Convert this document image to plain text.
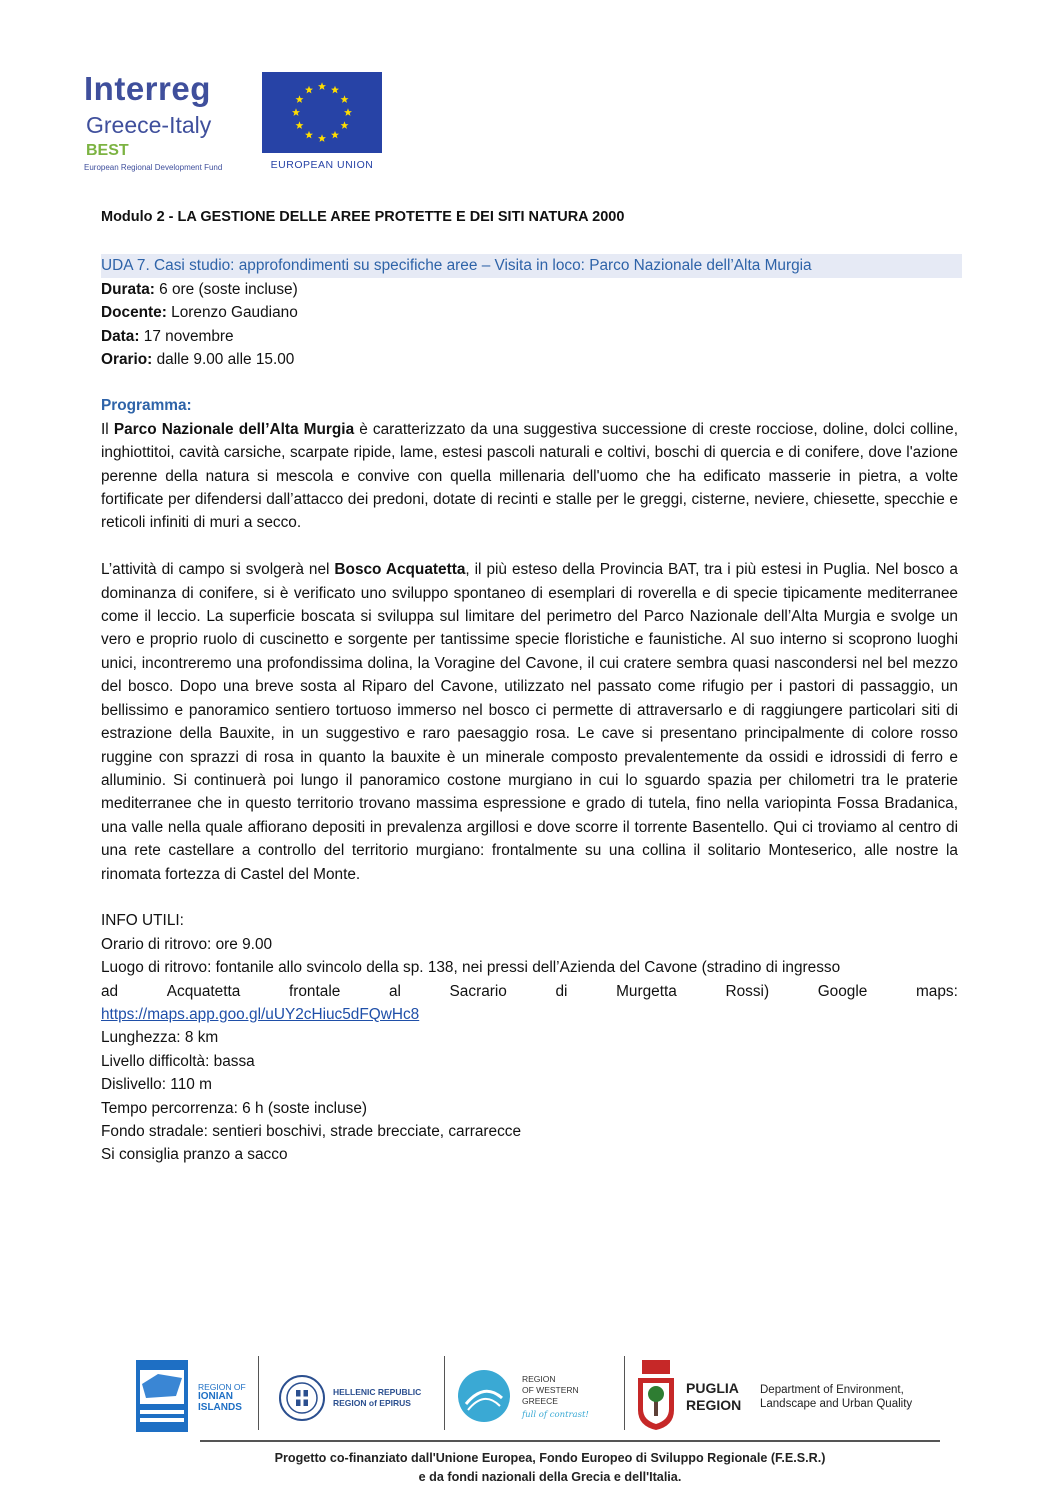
Interreg
Greece-Italy
BEST
European Regional Development Fund	EUROPEAN UNION
Modulo 2 - LA GESTIONE DELLE AREE PROTETTE E DEI SITI NATURA 2000
UDA 7. Casi studio: approfondimenti su specifiche aree – Visita in loco: Parco Nazionale dell’Alta Murgia
Durata: 6 ore (soste incluse)
Docente: Lorenzo Gaudiano
Data: 17 novembre
Orario: dalle 9.00 alle 15.00
Programma:

Il Parco Nazionale dell’Alta Murgia è caratterizzato da una suggestiva successione di creste rocciose, doline, dolci colline, inghiottitoi, cavità carsiche, scarpate ripide, lame, estesi pascoli naturali e coltivi, boschi di quercia e di conifere, dove l'azione perenne della natura si mescola e convive con quella millenaria dell'uomo che ha edificato masserie in pietra, a volte fortificate per difendersi dall’attacco dei predoni, dotate di recinti e stalle per le greggi, cisterne, neviere, chiesette, specchie e reticoli infiniti di muri a secco.

L’attività di campo si svolgerà nel Bosco Acquatetta, il più esteso della Provincia BAT, tra i più estesi in Puglia. Nel bosco a dominanza di conifere, si è verificato uno sviluppo spontaneo di esemplari di roverella e di specie tipicamente mediterranee come il leccio. La superficie boscata si sviluppa sul limitare del perimetro del Parco Nazionale dell’Alta Murgia e svolge un vero e proprio ruolo di cuscinetto e sorgente per tantissime specie floristiche e faunistiche. Al suo interno si scoprono luoghi unici, incontreremo una profondissima dolina, la Voragine del Cavone, il cui cratere sembra quasi nascondersi nel bel mezzo del bosco. Dopo una breve sosta al Riparo del Cavone, utilizzato nel passato come rifugio per i pastori di passaggio, un bellissimo e panoramico sentiero tortuoso immerso nel bosco ci permette di attraversarlo e di raggiungere particolari siti di estrazione della Bauxite, in un suggestivo e raro paesaggio rosa. Le cave si presentano principalmente di colore rosso ruggine con sprazzi di rosa in quanto la bauxite è un minerale composto prevalentemente da ossidi e idrossidi di ferro e alluminio. Si continuerà poi lungo il panoramico costone murgiano in cui lo sguardo spazia per chilometri tra le praterie mediterranee che in questo territorio trovano massima espressione e grado di tutela, fino nella variopinta Fossa Bradanica, una valle nella quale affiorano depositi in prevalenza argillosi e dove scorre il torrente Basentello. Qui ci troviamo al centro di una rete castellare a controllo del territorio murgiano: frontalmente su una collina il solitario Monteserico, alle nostre la rinomata fortezza di Castel del Monte.

INFO UTILI:
Orario di ritrovo: ore 9.00
Luogo di ritrovo: fontanile allo svincolo della sp. 138, nei pressi dell’Azienda del Cavone (stradino di ingresso
ad	Acquatetta	frontale	al	Sacrario	di	Murgetta	Rossi)	Google	maps:
https://maps.app.goo.gl/uUY2cHiuc5dFQwHc8
Lunghezza: 8 km
Livello difficoltà: bassa
Dislivello: 110 m
Tempo percorrenza: 6 h (soste incluse)
Fondo stradale: sentieri boschivi, strade brecciate, carrarecce
Si consiglia pranzo a sacco
REGION OF
IONIAN
ISLANDS
HELLENIC REPUBLIC
REGION of EPIRUS
REGION
OF WESTERN
GREECE
full of contrast!
PUGLIA
REGION
Department of Environment,
Landscape and Urban Quality
Progetto co-finanziato dall'Unione Europea, Fondo Europeo di Sviluppo Regionale (F.E.S.R.)
e da fondi nazionali della Grecia e dell'Italia.
